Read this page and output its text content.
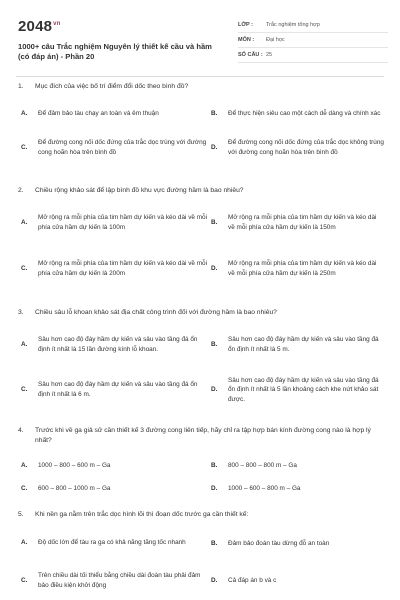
$2048^{vn}$
1000+ câu Trắc nghiệm Nguyên lý thiết kế cầu và hầm (có đáp án) - Phần 20
LỚP :	Trắc nghiệm tổng hợp
MÔN :	Đại học
SỐ CÂU : 25
1.	Mục đích của việc bố trí điểm đổi dốc theo bình đồ?
A.	Để đảm bảo tàu chạy an toàn và êm thuận	B.	Để thực hiện siêu cao một cách dễ dàng và chính xác
C.
Để đường cong nối dốc đứng của trắc dọc trùng với đường cong hoãn hòa trên bình đồ
D.
Để đường cong nối dốc đứng của trắc dọc không trùng với đường cong hoãn hòa trên bình đồ
2.	Chiều rộng khảo sát để lập bình đồ khu vực đường hầm là bao nhiêu?
A.
Mở rộng ra mỗi phía của tim hầm dự kiến và kéo dài về mỗi phía cửa hầm dự kiến là 100m
B.
Mở rộng ra mỗi phía của tim hầm dự kiến và kéo dài về mỗi phía cửa hầm dự kiến là 150m
C.
Mở rộng ra mỗi phía của tim hầm dự kiến và kéo dài về mỗi phía cửa hầm dự kiến là 200m
D.
Mở rộng ra mỗi phía của tim hầm dự kiến và kéo dài về mỗi phía cửa hầm dự kiến là 250m
3.	Chiều sâu lỗ khoan khảo sát địa chất công trình đối với đường hầm là bao nhiêu?
A.
Sâu hơn cao độ đáy hầm dự kiến và sâu vào tầng đá ổn định ít nhất là 15 lần đường kính lỗ khoan.
B.
Sâu hơn cao độ đáy hầm dự kiến và sâu vào tầng đá ổn định ít nhất là 5 m.
C.
Sâu hơn cao độ đáy hầm dự kiến và sâu vào tầng đá ổn định ít nhất là 6 m.
D.
Sâu hơn cao độ đáy hầm dự kiến và sâu vào tầng đá ổn định ít nhất là 5 lần khoảng cách khe nứt khảo sát được.
4.	Trước khi về ga giả sử cần thiết kế 3 đường cong liên tiếp, hãy chỉ ra tập hợp bán kính đường cong nào là hợp lý nhất?
A.	1000 – 800 – 600 m – Ga	B.	800 – 800 – 800 m – Ga
C.	600 – 800 – 1000 m – Ga	D.	1000 – 600 – 800 m – Ga
5.	Khi nền ga nằm trên trắc dọc hình lõi thì đoạn dốc trước ga cần thiết kế:
A.	Độ dốc lớn để tàu ra ga có khả năng tăng tốc nhanh	B.	Đảm bảo đoàn tàu dừng đỗ an toàn
C.
Trên chiều dài tối thiểu bằng chiều dài đoàn tàu phải đảm bảo điều kiện khởi động
D.	Cả đáp án b và c
